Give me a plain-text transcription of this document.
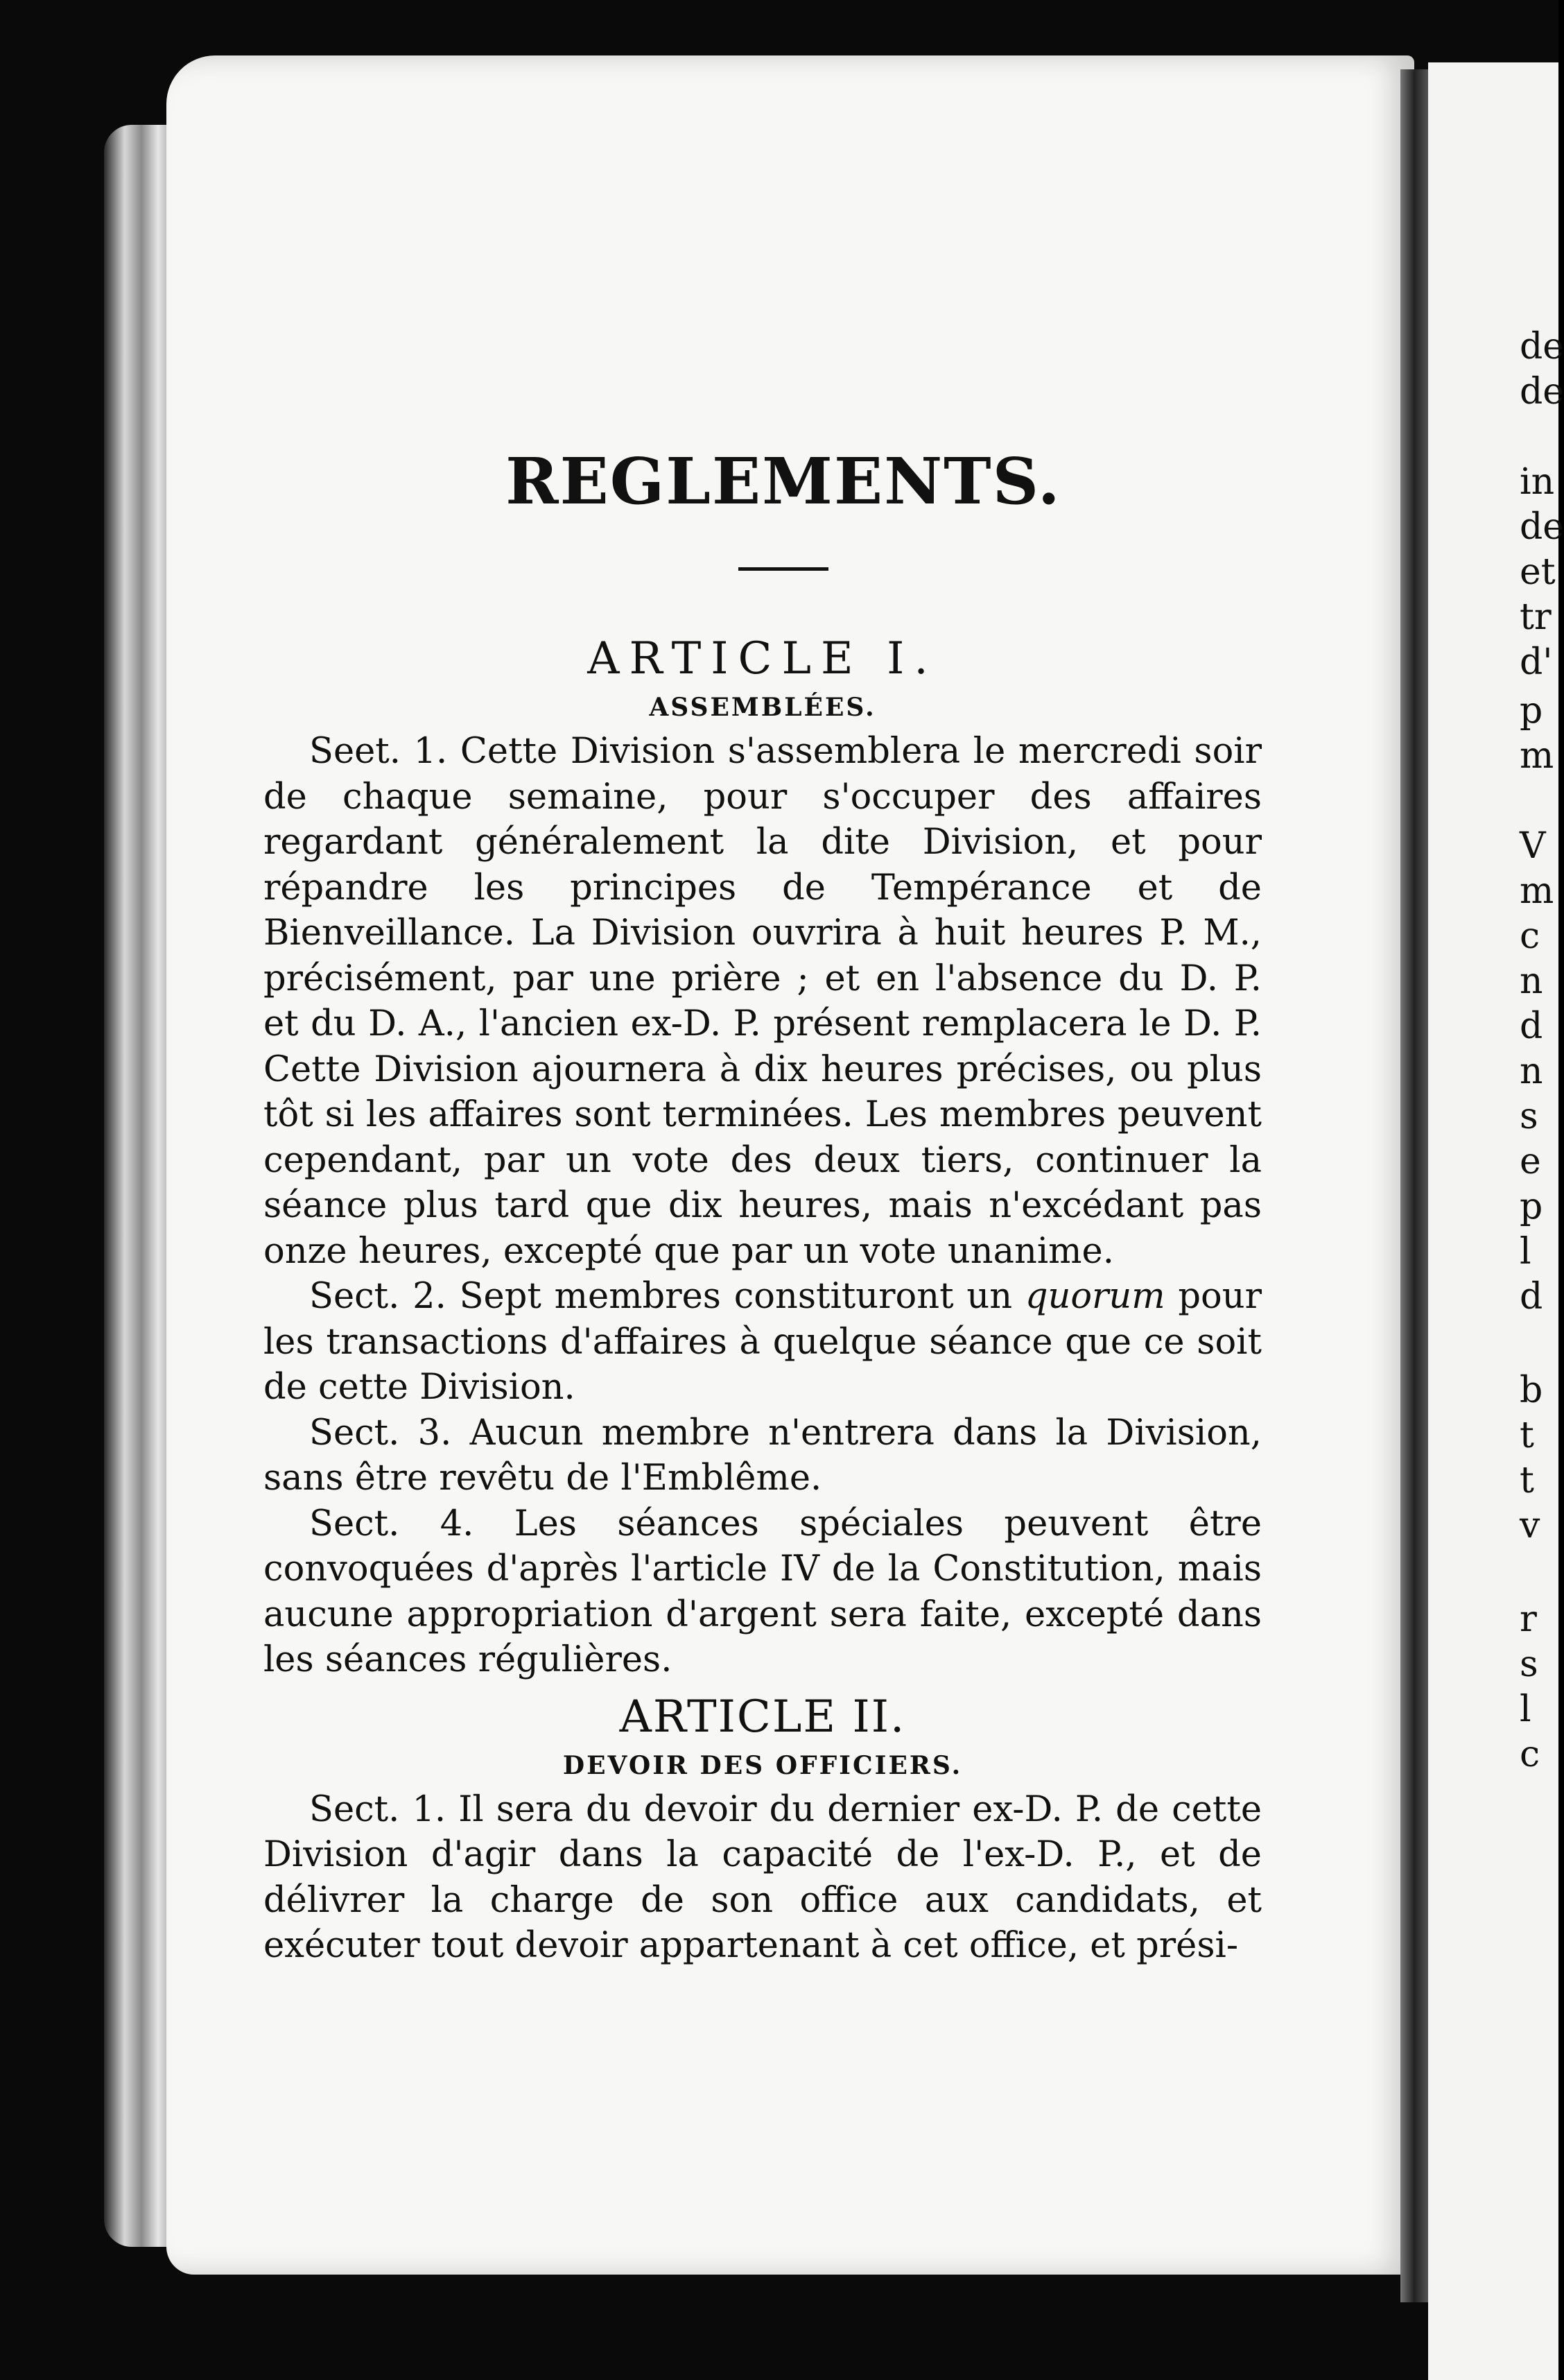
de
de
in
de
et
tr
d'
p
m
V
m
c
n
d
n
s
e
p
l
d
b
t
t
v
r
s
l
c
REGLEMENTS.
ARTICLE I.
ASSEMBLÉES.

Seet. 1. Cette Division s'assemblera le mercredi soir de chaque semaine, pour s'occuper des affaires regardant généralement la dite Division, et pour répandre les principes de Tempérance et de Bienveillance. La Division ouvrira à huit heures P. M., précisément, par une prière ; et en l'absence du D. P. et du D. A., l'ancien ex-D. P. présent remplacera le D. P. Cette Division ajournera à dix heures précises, ou plus tôt si les affaires sont terminées. Les membres peuvent cependant, par un vote des deux tiers, continuer la séance plus tard que dix heures, mais n'excédant pas onze heures, excepté que par un vote unanime.

Sect. 2. Sept membres constituront un quorum pour les transactions d'affaires à quelque séance que ce soit de cette Division.

Sect. 3. Aucun membre n'entrera dans la Division, sans être revêtu de l'Emblême.

Sect. 4. Les séances spéciales peuvent être convoquées d'après l'article IV de la Constitution, mais aucune appropriation d'argent sera faite, excepté dans les séances régulières.

ARTICLE II.
DEVOIR DES OFFICIERS.

Sect. 1. Il sera du devoir du dernier ex-D. P. de cette Division d'agir dans la capacité de l'ex-D. P., et de délivrer la charge de son office aux candidats, et exécuter tout devoir appartenant à cet office, et prési-
